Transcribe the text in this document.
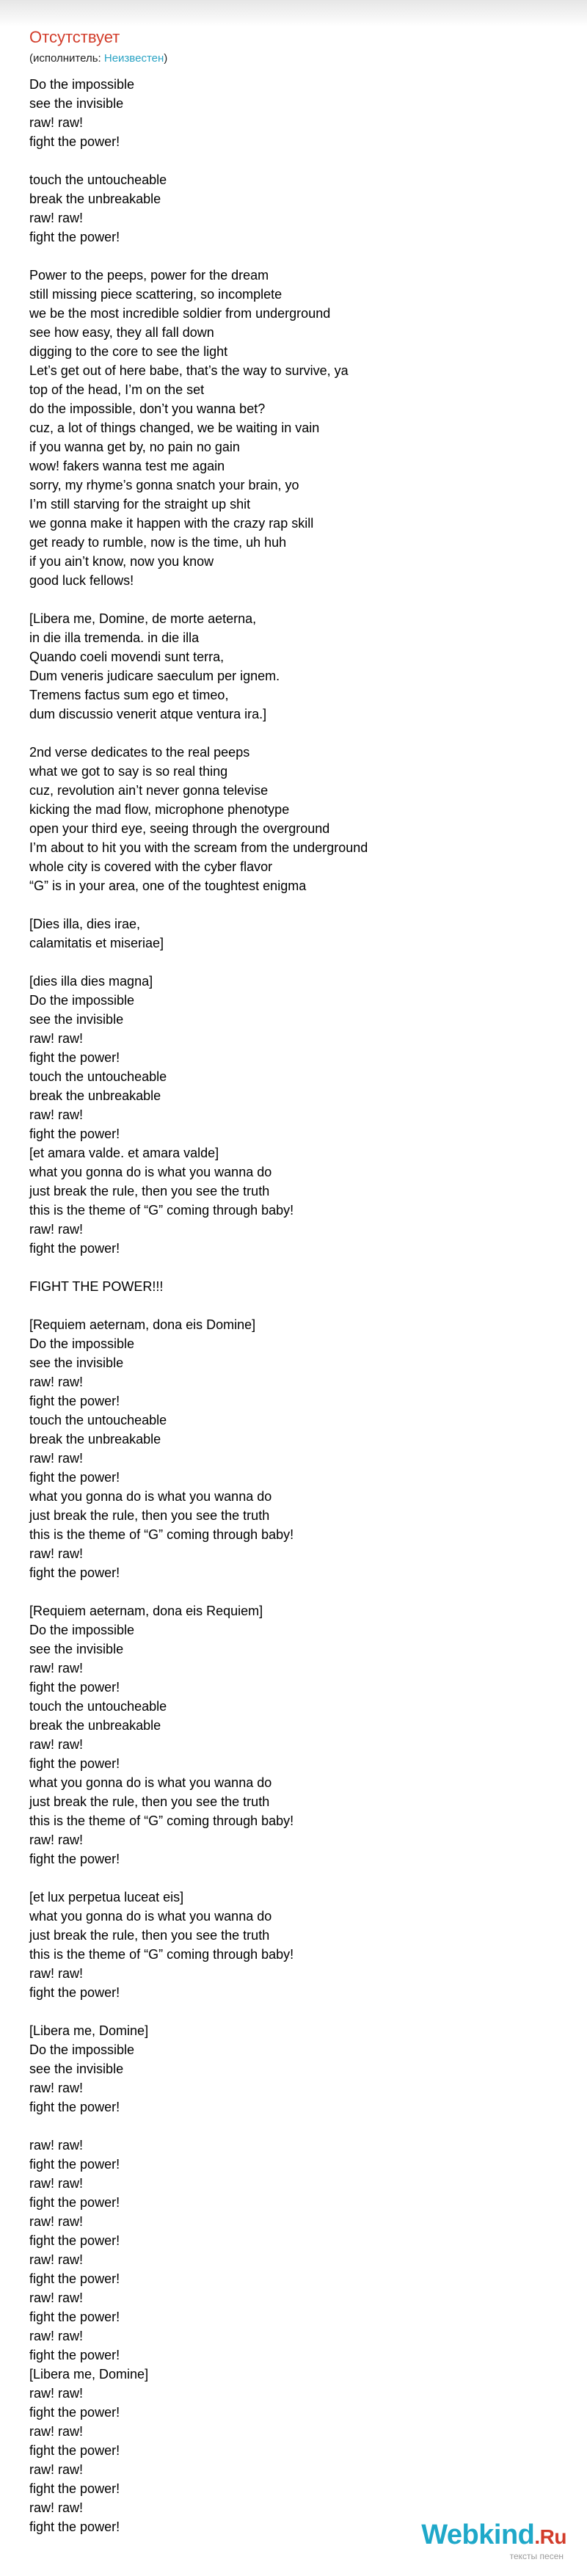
Отсутствует
(исполнитель: Неизвестен)
Do the impossible
see the invisible
raw! raw!
fight the power!
touch the untoucheable
break the unbreakable
raw! raw!
fight the power!
Power to the peeps, power for the dream
still missing piece scattering, so incomplete
we be the most incredible soldier from underground
see how easy, they all fall down
digging to the core to see the light
Let’s get out of here babe, that’s the way to survive, ya
top of the head, I’m on the set
do the impossible, don’t you wanna bet?
cuz, a lot of things changed, we be waiting in vain
if you wanna get by, no pain no gain
wow! fakers wanna test me again
sorry, my rhyme’s gonna snatch your brain, yo
I’m still starving for the straight up shit
we gonna make it happen with the crazy rap skill
get ready to rumble, now is the time, uh huh
if you ain’t know, now you know
good luck fellows!
[Libera me, Domine, de morte aeterna,
in die illa tremenda. in die illa
Quando coeli movendi sunt terra,
Dum veneris judicare saeculum per ignem.
Tremens factus sum ego et timeo,
dum discussio venerit atque ventura ira.]
2nd verse dedicates to the real peeps
what we got to say is so real thing
cuz, revolution ain’t never gonna televise
kicking the mad flow, microphone phenotype
open your third eye, seeing through the overground
I’m about to hit you with the scream from the underground
whole city is covered with the cyber flavor
“G” is in your area, one of the toughtest enigma
[Dies illa, dies irae,
calamitatis et miseriae]
[dies illa dies magna]
Do the impossible
see the invisible
raw! raw!
fight the power!
touch the untoucheable
break the unbreakable
raw! raw!
fight the power!
[et amara valde. et amara valde]
what you gonna do is what you wanna do
just break the rule, then you see the truth
this is the theme of “G” coming through baby!
raw! raw!
fight the power!
FIGHT THE POWER!!!
[Requiem aeternam, dona eis Domine]
Do the impossible
see the invisible
raw! raw!
fight the power!
touch the untoucheable
break the unbreakable
raw! raw!
fight the power!
what you gonna do is what you wanna do
just break the rule, then you see the truth
this is the theme of “G” coming through baby!
raw! raw!
fight the power!
[Requiem aeternam, dona eis Requiem]
Do the impossible
see the invisible
raw! raw!
fight the power!
touch the untoucheable
break the unbreakable
raw! raw!
fight the power!
what you gonna do is what you wanna do
just break the rule, then you see the truth
this is the theme of “G” coming through baby!
raw! raw!
fight the power!
[et lux perpetua luceat eis]
what you gonna do is what you wanna do
just break the rule, then you see the truth
this is the theme of “G” coming through baby!
raw! raw!
fight the power!
[Libera me, Domine]
Do the impossible
see the invisible
raw! raw!
fight the power!
raw! raw!
fight the power!
raw! raw!
fight the power!
raw! raw!
fight the power!
raw! raw!
fight the power!
raw! raw!
fight the power!
raw! raw!
fight the power!
[Libera me, Domine]
raw! raw!
fight the power!
raw! raw!
fight the power!
raw! raw!
fight the power!
raw! raw!
fight the power!	Webkind.Ru
тексты песен
